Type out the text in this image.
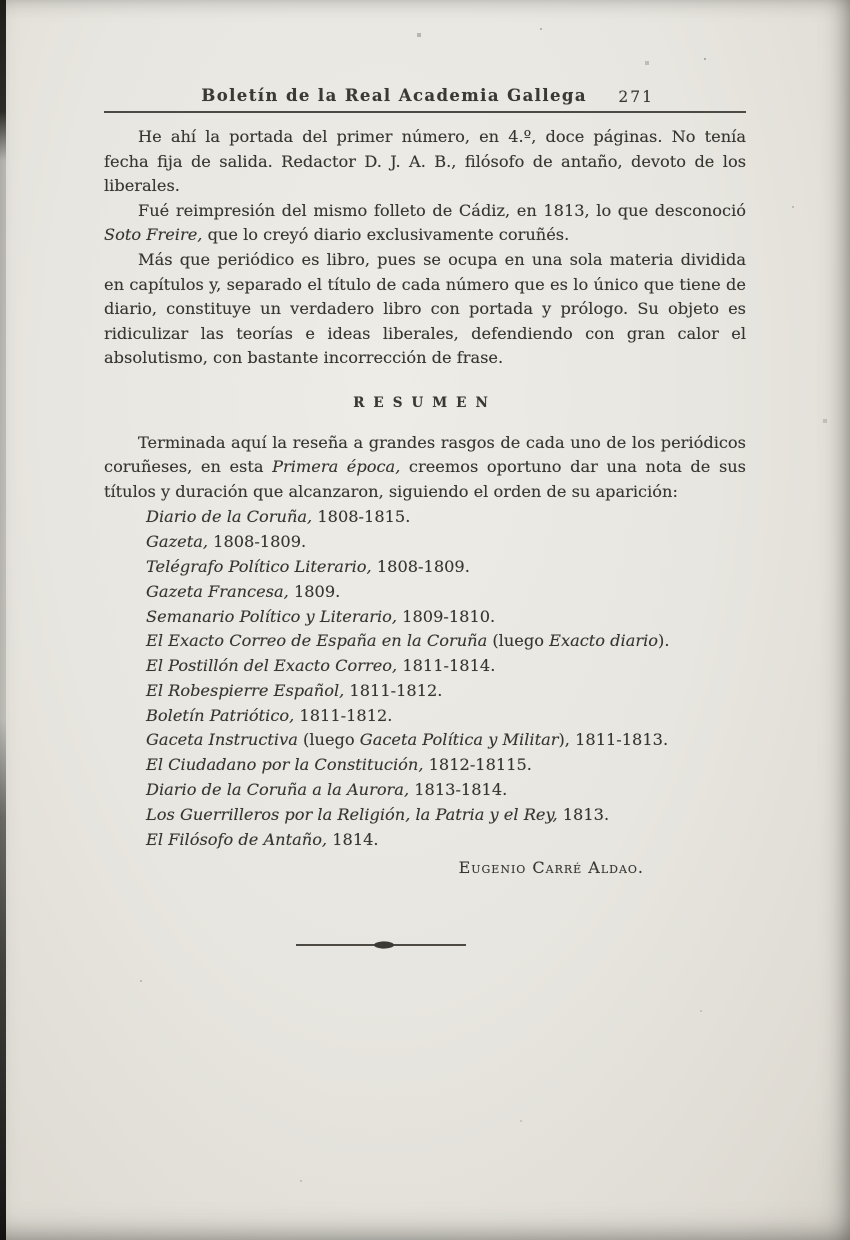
Boletín de la Real Academia Gallega 271

He ahí la portada del primer número, en 4.º, doce páginas. No tenía fecha fija de salida. Redactor D. J. A. B., filósofo de antaño, devoto de los liberales.

Fué reimpresión del mismo folleto de Cádiz, en 1813, lo que desconoció Soto Freire, que lo creyó diario exclusivamente coruñés.

Más que periódico es libro, pues se ocupa en una sola materia dividida en capítulos y, separado el título de cada número que es lo único que tiene de diario, constituye un verdadero libro con portada y prólogo. Su objeto es ridiculizar las teorías e ideas liberales, defendiendo con gran calor el absolutismo, con bastante incorrección de frase.

RESUMEN

Terminada aquí la reseña a grandes rasgos de cada uno de los periódicos coruñeses, en esta Primera época, creemos oportuno dar una nota de sus títulos y duración que alcanzaron, siguiendo el orden de su aparición:

Diario de la Coruña, 1808-1815.
Gazeta, 1808-1809.
Telégrafo Político Literario, 1808-1809.
Gazeta Francesa, 1809.
Semanario Político y Literario, 1809-1810.
El Exacto Correo de España en la Coruña (luego Exacto diario).
El Postillón del Exacto Correo, 1811-1814.
El Robespierre Español, 1811-1812.
Boletín Patriótico, 1811-1812.
Gaceta Instructiva (luego Gaceta Política y Militar), 1811-1813.
El Ciudadano por la Constitución, 1812-18115.
Diario de la Coruña a la Aurora, 1813-1814.
Los Guerrilleros por la Religión, la Patria y el Rey, 1813.
El Filósofo de Antaño, 1814.
Eugenio Carré Aldao.
